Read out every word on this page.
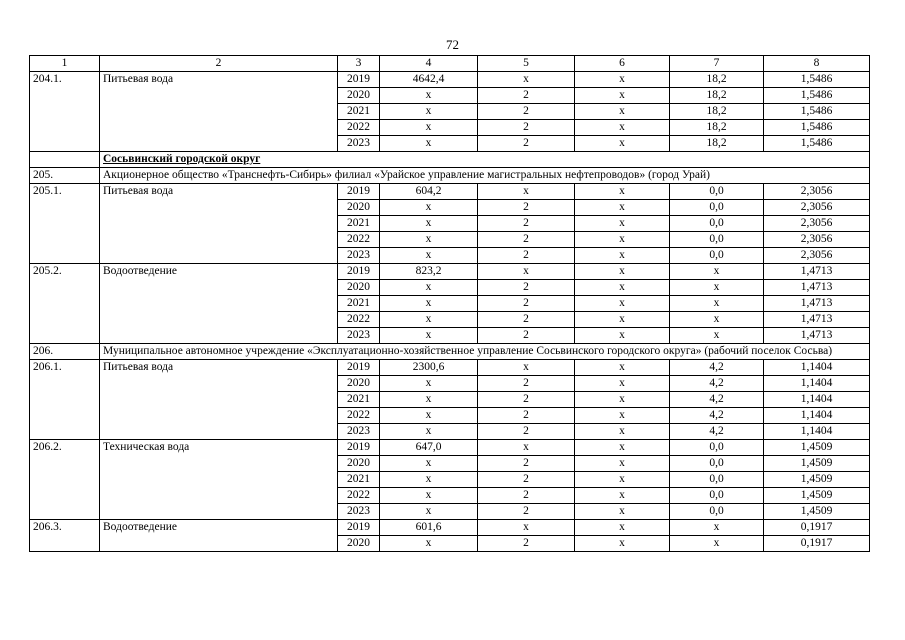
72
1	2	3	4	5	6	7	8
204.1.	Питьевая вода	2019	4642,4	x	x	18,2	1,5486
		2020	x	2	x	18,2	1,5486
		2021	x	2	x	18,2	1,5486
		2022	x	2	x	18,2	1,5486
		2023	x	2	x	18,2	1,5486
	Сосьвинский городской округ						
205.	Акционерное общество «Транснефть-Сибирь» филиал «Урайское управление магистральных нефтепроводов» (город Урай)						
205.1.	Питьевая вода	2019	604,2	x	x	0,0	2,3056
		2020	x	2	x	0,0	2,3056
		2021	x	2	x	0,0	2,3056
		2022	x	2	x	0,0	2,3056
		2023	x	2	x	0,0	2,3056
205.2.	Водоотведение	2019	823,2	x	x	x	1,4713
		2020	x	2	x	x	1,4713
		2021	x	2	x	x	1,4713
		2022	x	2	x	x	1,4713
		2023	x	2	x	x	1,4713
206.	Муниципальное автономное учреждение «Эксплуатационно-хозяйственное управление Сосьвинского городского округа» (рабочий поселок Сосьва)						
206.1.	Питьевая вода	2019	2300,6	x	x	4,2	1,1404
		2020	x	2	x	4,2	1,1404
		2021	x	2	x	4,2	1,1404
		2022	x	2	x	4,2	1,1404
		2023	x	2	x	4,2	1,1404
206.2.	Техническая вода	2019	647,0	x	x	0,0	1,4509
		2020	x	2	x	0,0	1,4509
		2021	x	2	x	0,0	1,4509
		2022	x	2	x	0,0	1,4509
		2023	x	2	x	0,0	1,4509
206.3.	Водоотведение	2019	601,6	x	x	x	0,1917
		2020	x	2	x	x	0,1917
